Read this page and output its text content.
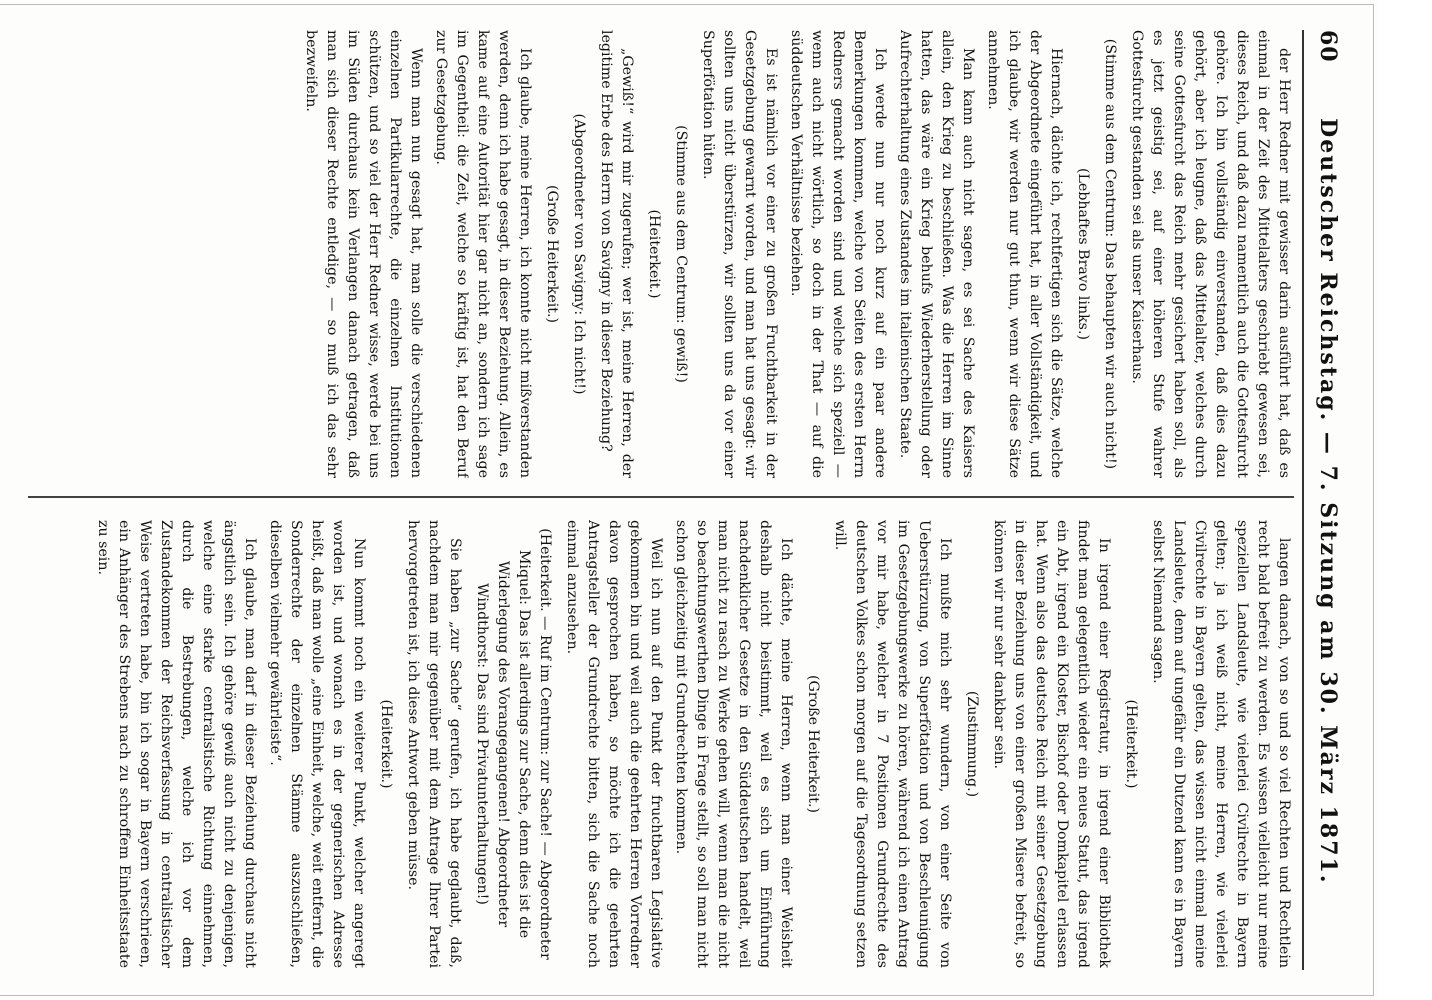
60
Deutscher Reichstag. — 7. Sitzung am 30. März 1871.

der Herr Redner mit gewisser darin ausführt hat, daß es einmal in der Zeit des Mittelalters geschriebt gewesen sei, dieses Reich, und daß dazu namentlich auch die Gottesfurcht gehöre. Ich bin vollständig einverstanden, daß dies dazu gehört, aber ich leugne, daß das Mittelalter, welches durch seine Gottesfurcht das Reich mehr gesichert haben soll, als es jetzt geistig sei, auf einer höheren Stufe wahrer Gottesfurcht gestanden sei als unser Kaiserhaus.

(Stimme aus dem Centrum: Das behaupten wir auch nicht!)

(Lebhaftes Bravo links.)

Hiernach, dächte ich, rechtfertigen sich die Sätze, welche der Abgeordnete eingeführt hat, in aller Vollständigkeit, und ich glaube, wir werden nur gut thun, wenn wir diese Sätze annehmen.

Man kann auch nicht sagen, es sei Sache des Kaisers allein, den Krieg zu beschließen. Was die Herren im Sinne hatten, das wäre ein Krieg behufs Wiederherstellung oder Aufrechterhaltung eines Zustandes im italienischen Staate.

Ich werde nun nur noch kurz auf ein paar andere Bemerkungen kommen, welche von Seiten des ersten Herrn Redners gemacht worden sind und welche sich speziell — wenn auch nicht wörtlich, so doch in der That — auf die süddeutschen Verhältnisse beziehen.

Es ist nämlich vor einer zu großen Fruchtbarkeit in der Gesetzgebung gewarnt worden, und man hat uns gesagt: wir sollten uns nicht überstürzen, wir sollten uns da vor einer Superfötation hüten.

(Stimme aus dem Centrum: gewiß!)

(Heiterkeit.)

„Gewiß!“ wird mir zugerufen; wer ist, meine Herren, der legitime Erbe des Herrn von Savigny in dieser Beziehung?

(Abgeordneter von Savigny: Ich nicht!)

(Große Heiterkeit.)

Ich glaube, meine Herren, ich konnte nicht mißverstanden werden, denn ich habe gesagt, in dieser Beziehung. Allein, es kame auf eine Autorität hier gar nicht an, sondern ich sage im Gegentheil: die Zeit, welche so kräftig ist, hat den Beruf zur Gesetzgebung.

Wenn man nun gesagt hat, man solle die verschiedenen einzelnen Partikularrechte, die einzelnen Institutionen schützen, und so viel der Herr Redner wisse, werde bei uns im Süden durchaus kein Verlangen danach getragen, daß man sich dieser Rechte entledige, — so muß ich das sehr bezweifeln.

langen danach, von so und so viel Rechten und Rechtlein recht bald befreit zu werden. Es wissen vielleicht nur meine speziellen Landsleute, wie vielerlei Civilrechte in Bayern gelten; ja ich weiß nicht, meine Herren, wie vielerlei Civilrechte in Bayern gelten, das wissen nicht einmal meine Landsleute, denn auf ungefähr ein Dutzend kann es in Bayern selbst Niemand sagen.

(Heiterkeit.)

In irgend einer Registratur, in irgend einer Bibliothek findet man gelegentlich wieder ein neues Statut, das irgend ein Abt, irgend ein Kloster, Bischof oder Domkapitel erlassen hat. Wenn also das deutsche Reich mit seiner Gesetzgebung in dieser Beziehung uns von einer großen Misere befreit, so können wir nur sehr dankbar sein.

(Zustimmung.)

Ich mußte mich sehr wundern, von einer Seite von Ueberstürzung, von Superfötation und von Beschleunigung im Gesetzgebungswerke zu hören, während ich einen Antrag vor mir habe, welcher in 7 Positionen Grundrechte des deutschen Volkes schon morgen auf die Tagesordnung setzen will.

(Große Heiterkeit.)

Ich dächte, meine Herren, wenn man einer Weisheit deshalb nicht beistimmt, weil es sich um Einführung nachdenklicher Gesetze in den Süddeutschen handelt, weil man nicht zu rasch zu Werke gehen will, wenn man die nicht so beachtungswerthen Dinge in Frage stellt, so soll man nicht schon gleichzeitig mit Grundrechten kommen.

Weil ich nun auf den Punkt der fruchtbaren Legislative gekommen bin und weil auch die geehrten Herren Vorredner davon gesprochen haben, so möchte ich die geehrten Antragsteller der Grundrechte bitten, sich die Sache noch einmal anzusehen.

(Heiterkeit. — Ruf im Centrum: zur Sache! — Abgeordneter Miquel: Das ist allerdings zur Sache, denn dies ist die Widerlegung des Vorangegangenen! Abgeordneter Windthorst: Das sind Privatunterhaltungen!)

Sie haben „zur Sache“ gerufen, ich habe geglaubt, daß, nachdem man mir gegenüber mit dem Antrage Ihrer Partei hervorgetreten ist, ich diese Antwort geben müsse.

(Heiterkeit.)

Nun kommt noch ein weiterer Punkt, welcher angeregt worden ist, und wonach es in der gegnerischen Adresse heißt, daß man wolle „eine Einheit, welche, weit entfernt, die Sonderrechte der einzelnen Stämme auszuschließen, dieselben vielmehr gewährleiste“.

Ich glaube, man darf in dieser Beziehung durchaus nicht ängstlich sein. Ich gehöre gewiß auch nicht zu denjenigen, welche eine starke centralistische Richtung einnehmen, durch die Bestrebungen, welche ich vor dem Zustandekommen der Reichsverfassung in centralistischer Weise vertreten habe, bin ich sogar in Bayern verschrieen, ein Anhänger des Strebens nach zu schroffem Einheitsstaate zu sein.
